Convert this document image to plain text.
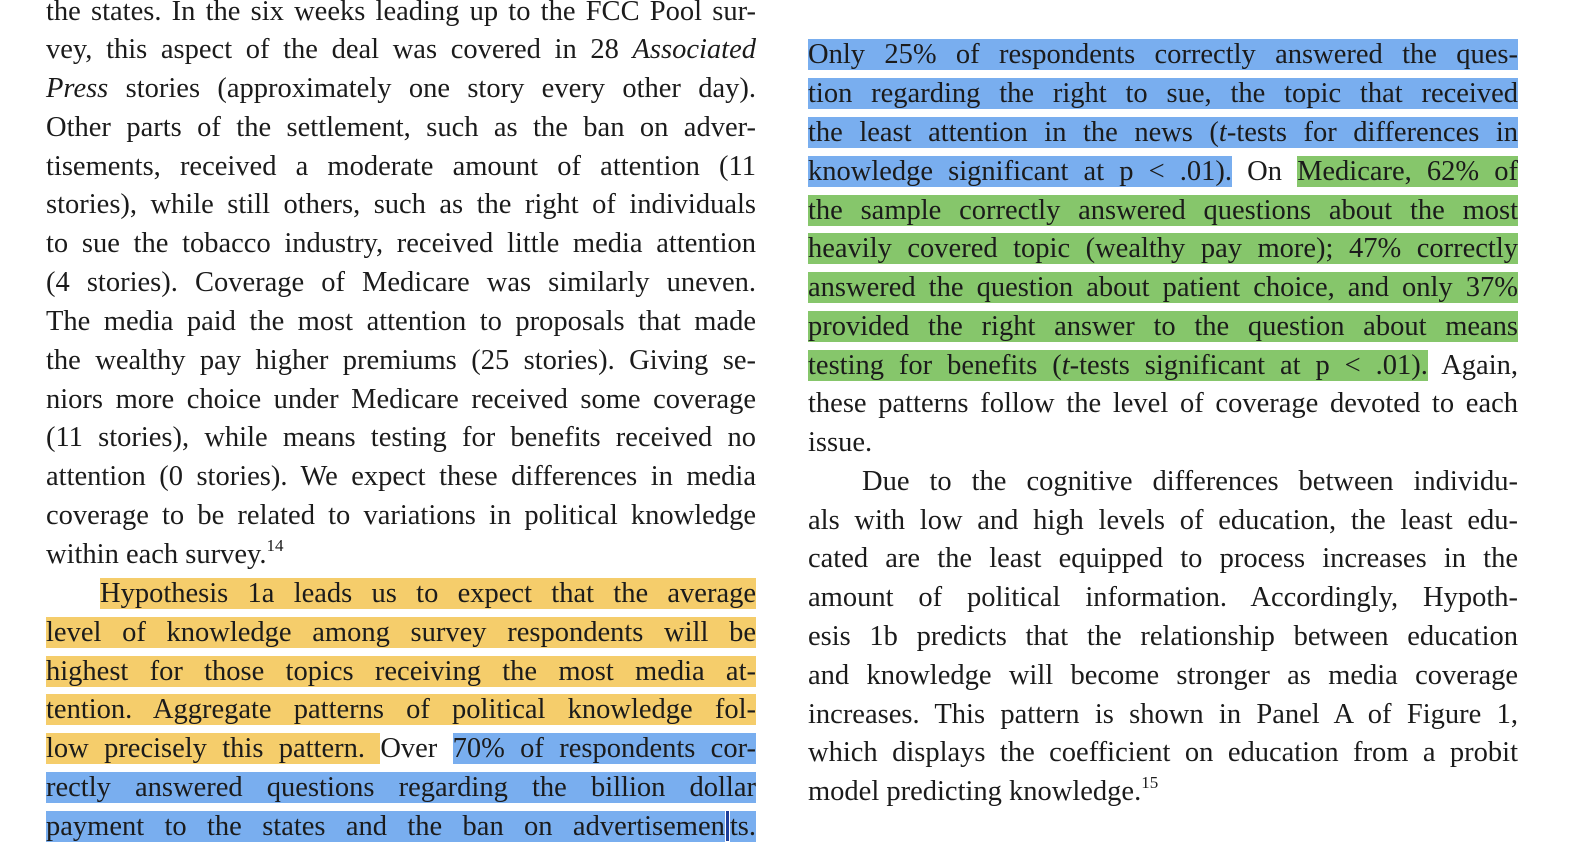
the states. In the six weeks leading up to the FCC Pool sur-
vey, this aspect of the deal was covered in 28 Associated
Press stories (approximately one story every other day).
Other parts of the settlement, such as the ban on adver-
tisements, received a moderate amount of attention (11
stories), while still others, such as the right of individuals
to sue the tobacco industry, received little media attention
(4 stories). Coverage of Medicare was similarly uneven.
The media paid the most attention to proposals that made
the wealthy pay higher premiums (25 stories). Giving se-
niors more choice under Medicare received some coverage
(11 stories), while means testing for benefits received no
attention (0 stories). We expect these differences in media
coverage to be related to variations in political knowledge
within each survey.$^{14}$
Hypothesis 1a leads us to expect that the average
level of knowledge among survey respondents will be
highest for those topics receiving the most media at-
tention. Aggregate patterns of political knowledge fol-
low precisely this pattern. Over 70% of respondents cor-
rectly answered questions regarding the billion dollar
payment to the states and the ban on advertisemen ts.
Only 25% of respondents correctly answered the ques-
tion regarding the right to sue, the topic that received
the least attention in the news (t-tests for differences in
knowledge significant at p < .01). On Medicare, 62% of
the sample correctly answered questions about the most
heavily covered topic (wealthy pay more); 47% correctly
answered the question about patient choice, and only 37%
provided the right answer to the question about means
testing for benefits (t-tests significant at p < .01). Again,
these patterns follow the level of coverage devoted to each
issue.
Due to the cognitive differences between individu-
als with low and high levels of education, the least edu-
cated are the least equipped to process increases in the
amount of political information. Accordingly, Hypoth-
esis 1b predicts that the relationship between education
and knowledge will become stronger as media coverage
increases. This pattern is shown in Panel A of Figure 1,
which displays the coefficient on education from a probit
model predicting knowledge.$^{15}$
